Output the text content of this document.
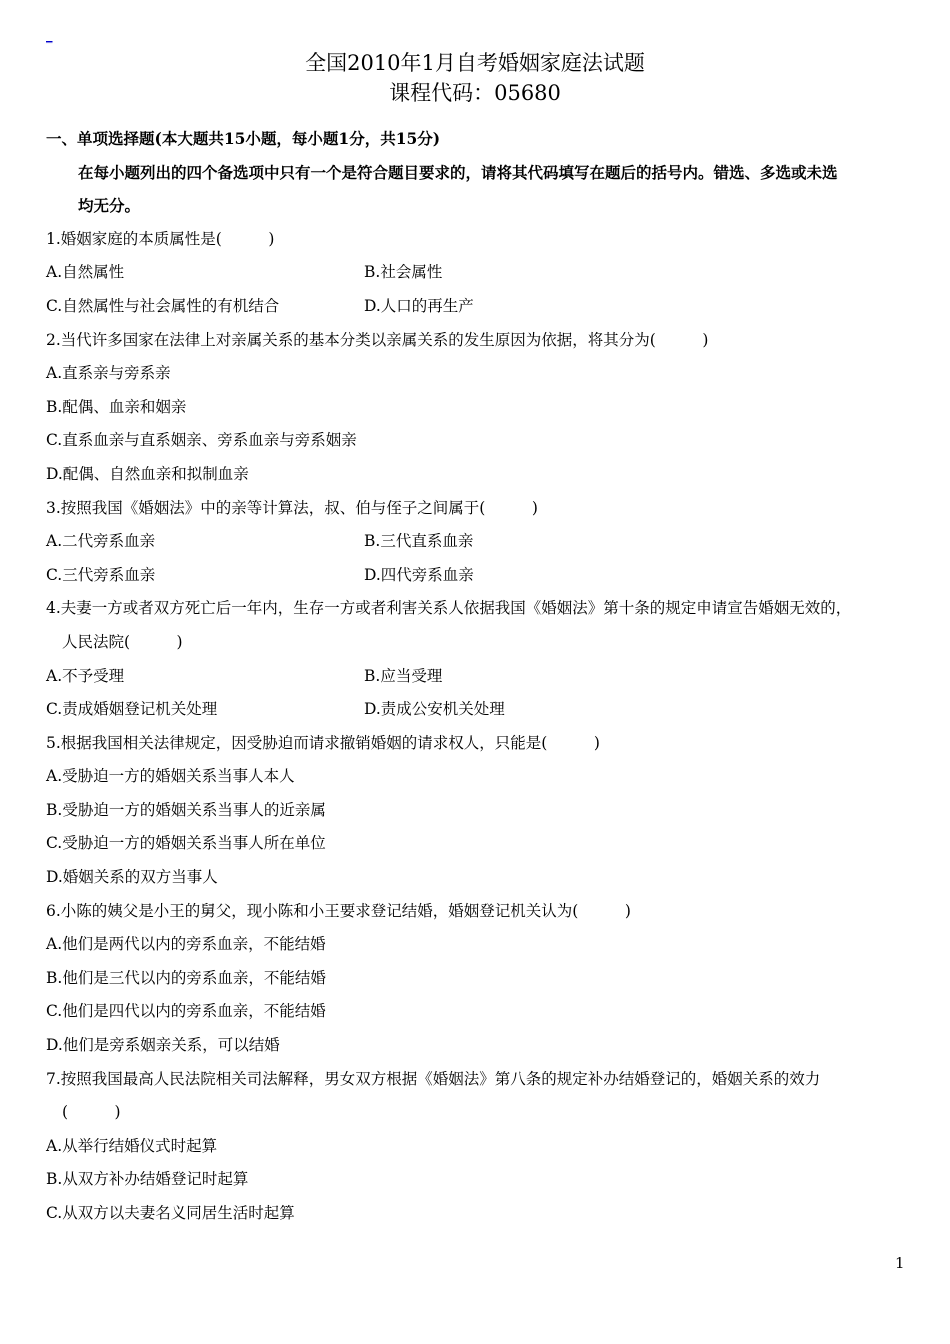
_
全国2010年1月自考婚姻家庭法试题
课程代码：05680
一、单项选择题(本大题共15小题，每小题1分，共15分)
在每小题列出的四个备选项中只有一个是符合题目要求的，请将其代码填写在题后的括号内。错选、多选或未选
均无分。
1.婚姻家庭的本质属性是(　　　)
A.自然属性	B.社会属性
C.自然属性与社会属性的有机结合	D.人口的再生产
2.当代许多国家在法律上对亲属关系的基本分类以亲属关系的发生原因为依据，将其分为(　　　)
A.直系亲与旁系亲
B.配偶、血亲和姻亲
C.直系血亲与直系姻亲、旁系血亲与旁系姻亲
D.配偶、自然血亲和拟制血亲
3.按照我国《婚姻法》中的亲等计算法，叔、伯与侄子之间属于(　　　)
A.二代旁系血亲	B.三代直系血亲
C.三代旁系血亲	D.四代旁系血亲
4.夫妻一方或者双方死亡后一年内，生存一方或者利害关系人依据我国《婚姻法》第十条的规定申请宣告婚姻无效的，
人民法院(　　　)
A.不予受理	B.应当受理
C.责成婚姻登记机关处理	D.责成公安机关处理
5.根据我国相关法律规定，因受胁迫而请求撤销婚姻的请求权人，只能是(　　　)
A.受胁迫一方的婚姻关系当事人本人
B.受胁迫一方的婚姻关系当事人的近亲属
C.受胁迫一方的婚姻关系当事人所在单位
D.婚姻关系的双方当事人
6.小陈的姨父是小王的舅父，现小陈和小王要求登记结婚，婚姻登记机关认为(　　　)
A.他们是两代以内的旁系血亲，不能结婚
B.他们是三代以内的旁系血亲，不能结婚
C.他们是四代以内的旁系血亲，不能结婚
D.他们是旁系姻亲关系，可以结婚
7.按照我国最高人民法院相关司法解释，男女双方根据《婚姻法》第八条的规定补办结婚登记的，婚姻关系的效力
(　　　)
A.从举行结婚仪式时起算
B.从双方补办结婚登记时起算
C.从双方以夫妻名义同居生活时起算
1
